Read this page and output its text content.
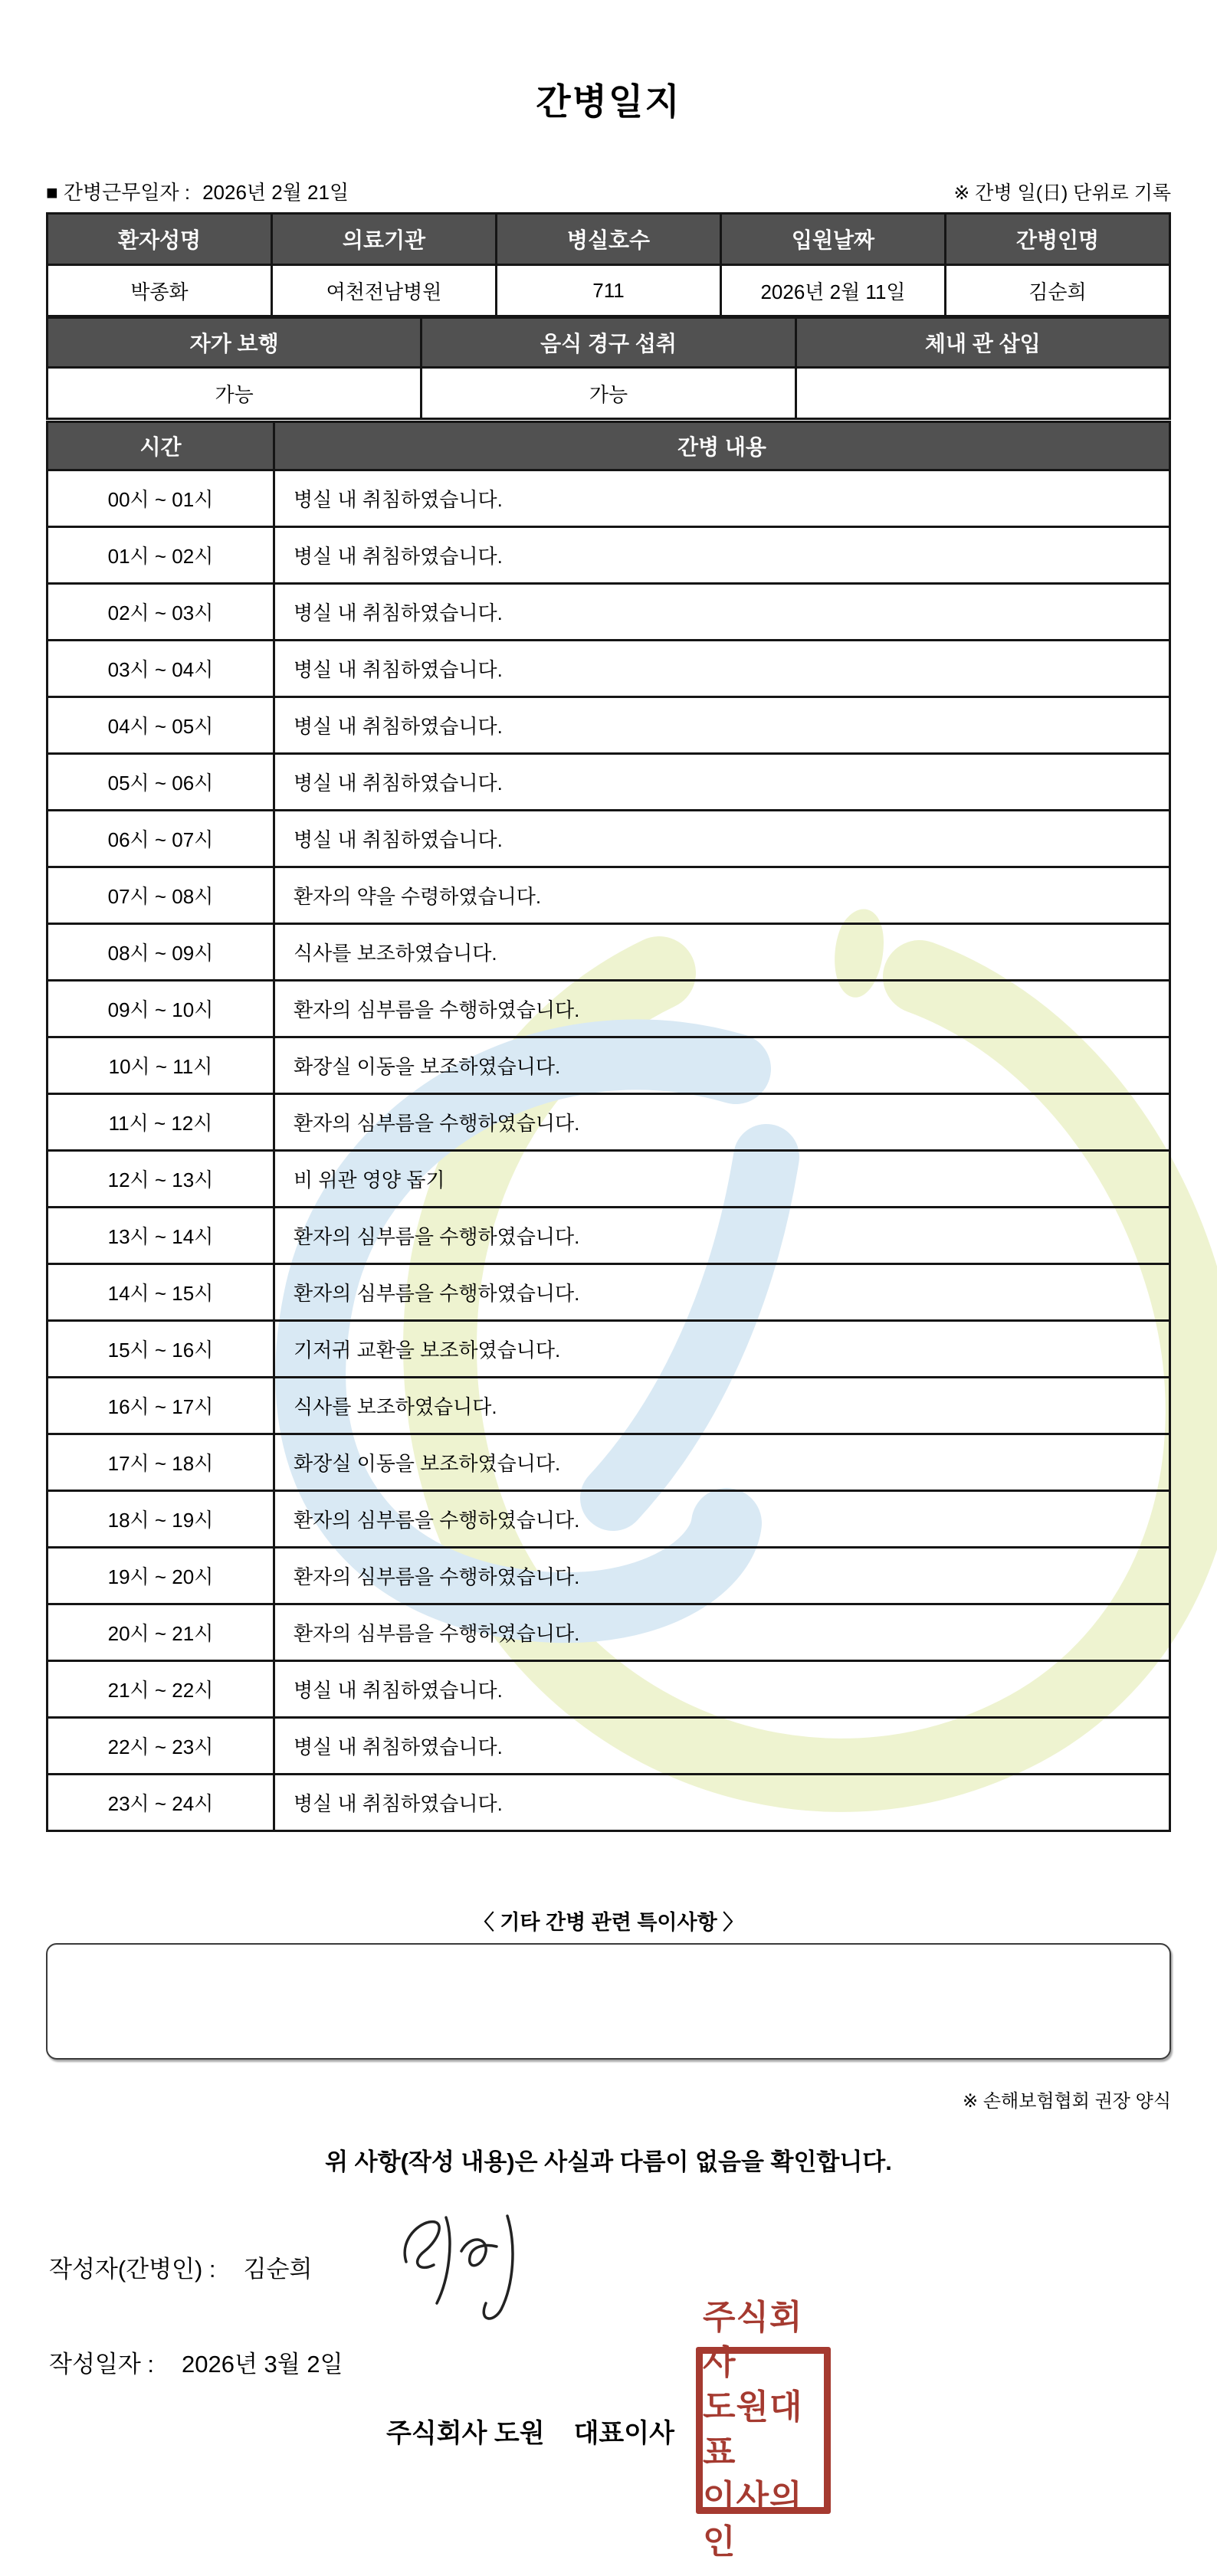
간병일지
■ 간병근무일자 : 2026년 2월 21일	※ 간병 일(日) 단위로 기록
환자성명	의료기관	병실호수	입원날짜	간병인명
박종화	여천전남병원	711	2026년 2월 11일	김순희
자가 보행	음식 경구 섭취	체내 관 삽입
가능	가능	
시간	간병 내용
00시 ~ 01시	병실 내 취침하였습니다.
01시 ~ 02시	병실 내 취침하였습니다.
02시 ~ 03시	병실 내 취침하였습니다.
03시 ~ 04시	병실 내 취침하였습니다.
04시 ~ 05시	병실 내 취침하였습니다.
05시 ~ 06시	병실 내 취침하였습니다.
06시 ~ 07시	병실 내 취침하였습니다.
07시 ~ 08시	환자의 약을 수령하였습니다.
08시 ~ 09시	식사를 보조하였습니다.
09시 ~ 10시	환자의 심부름을 수행하였습니다.
10시 ~ 11시	화장실 이동을 보조하였습니다.
11시 ~ 12시	환자의 심부름을 수행하였습니다.
12시 ~ 13시	비 위관 영양 돕기
13시 ~ 14시	환자의 심부름을 수행하였습니다.
14시 ~ 15시	환자의 심부름을 수행하였습니다.
15시 ~ 16시	기저귀 교환을 보조하였습니다.
16시 ~ 17시	식사를 보조하였습니다.
17시 ~ 18시	화장실 이동을 보조하였습니다.
18시 ~ 19시	환자의 심부름을 수행하였습니다.
19시 ~ 20시	환자의 심부름을 수행하였습니다.
20시 ~ 21시	환자의 심부름을 수행하였습니다.
21시 ~ 22시	병실 내 취침하였습니다.
22시 ~ 23시	병실 내 취침하였습니다.
23시 ~ 24시	병실 내 취침하였습니다.
〈 기타 간병 관련 특이사항 〉
※ 손해보험협회 권장 양식
위 사항(작성 내용)은 사실과 다름이 없음을 확인합니다.
작성자(간병인) : 김순희
작성일자 : 2026년 3월 2일
주식회사 도원 대표이사
주식회사
도원대표
이사의인
